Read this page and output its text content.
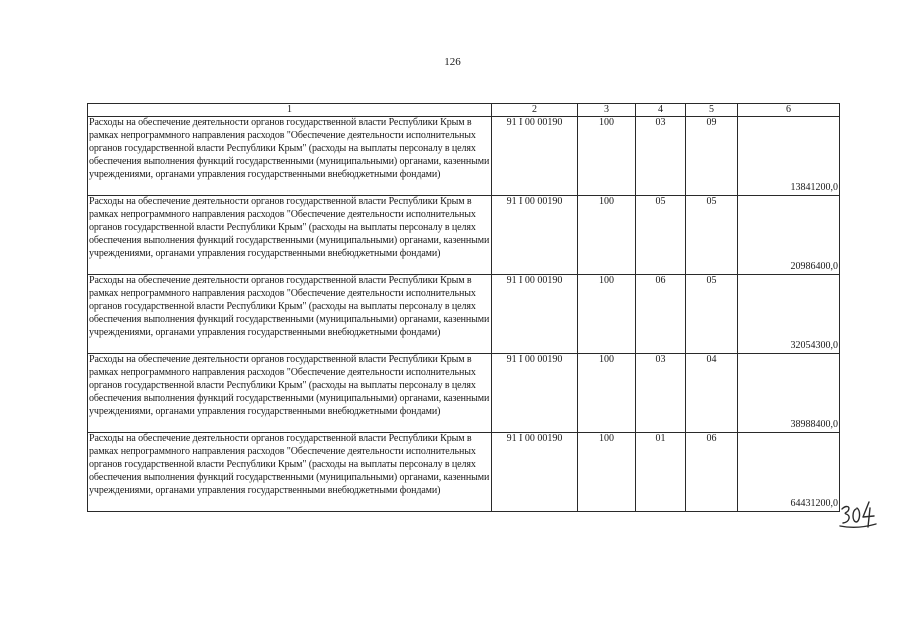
126
1	2	3	4	5	6
Расходы на обеспечение деятельности органов государственной власти Республики Крым в рамках непрограммного направления расходов "Обеспечение деятельности исполнительных органов государственной власти Республики Крым" (расходы на выплаты персоналу в целях обеспечения выполнения функций государственными (муниципальными) органами, казенными учреждениями, органами управления государственными внебюджетными фондами)	91 I 00 00190	100	03	09	13841200,0
Расходы на обеспечение деятельности органов государственной власти Республики Крым в рамках непрограммного направления расходов "Обеспечение деятельности исполнительных органов государственной власти Республики Крым" (расходы на выплаты персоналу в целях обеспечения выполнения функций государственными (муниципальными) органами, казенными учреждениями, органами управления государственными внебюджетными фондами)	91 I 00 00190	100	05	05	20986400,0
Расходы на обеспечение деятельности органов государственной власти Республики Крым в рамках непрограммного направления расходов "Обеспечение деятельности исполнительных органов государственной власти Республики Крым" (расходы на выплаты персоналу в целях обеспечения выполнения функций государственными (муниципальными) органами, казенными учреждениями, органами управления государственными внебюджетными фондами)	91 I 00 00190	100	06	05	32054300,0
Расходы на обеспечение деятельности органов государственной власти Республики Крым в рамках непрограммного направления расходов "Обеспечение деятельности исполнительных органов государственной власти Республики Крым" (расходы на выплаты персоналу в целях обеспечения выполнения функций государственными (муниципальными) органами, казенными учреждениями, органами управления государственными внебюджетными фондами)	91 I 00 00190	100	03	04	38988400,0
Расходы на обеспечение деятельности органов государственной власти Республики Крым в рамках непрограммного направления расходов "Обеспечение деятельности исполнительных органов государственной власти Республики Крым" (расходы на выплаты персоналу в целях обеспечения выполнения функций государственными (муниципальными) органами, казенными учреждениями, органами управления государственными внебюджетными фондами)	91 I 00 00190	100	01	06	64431200,0
